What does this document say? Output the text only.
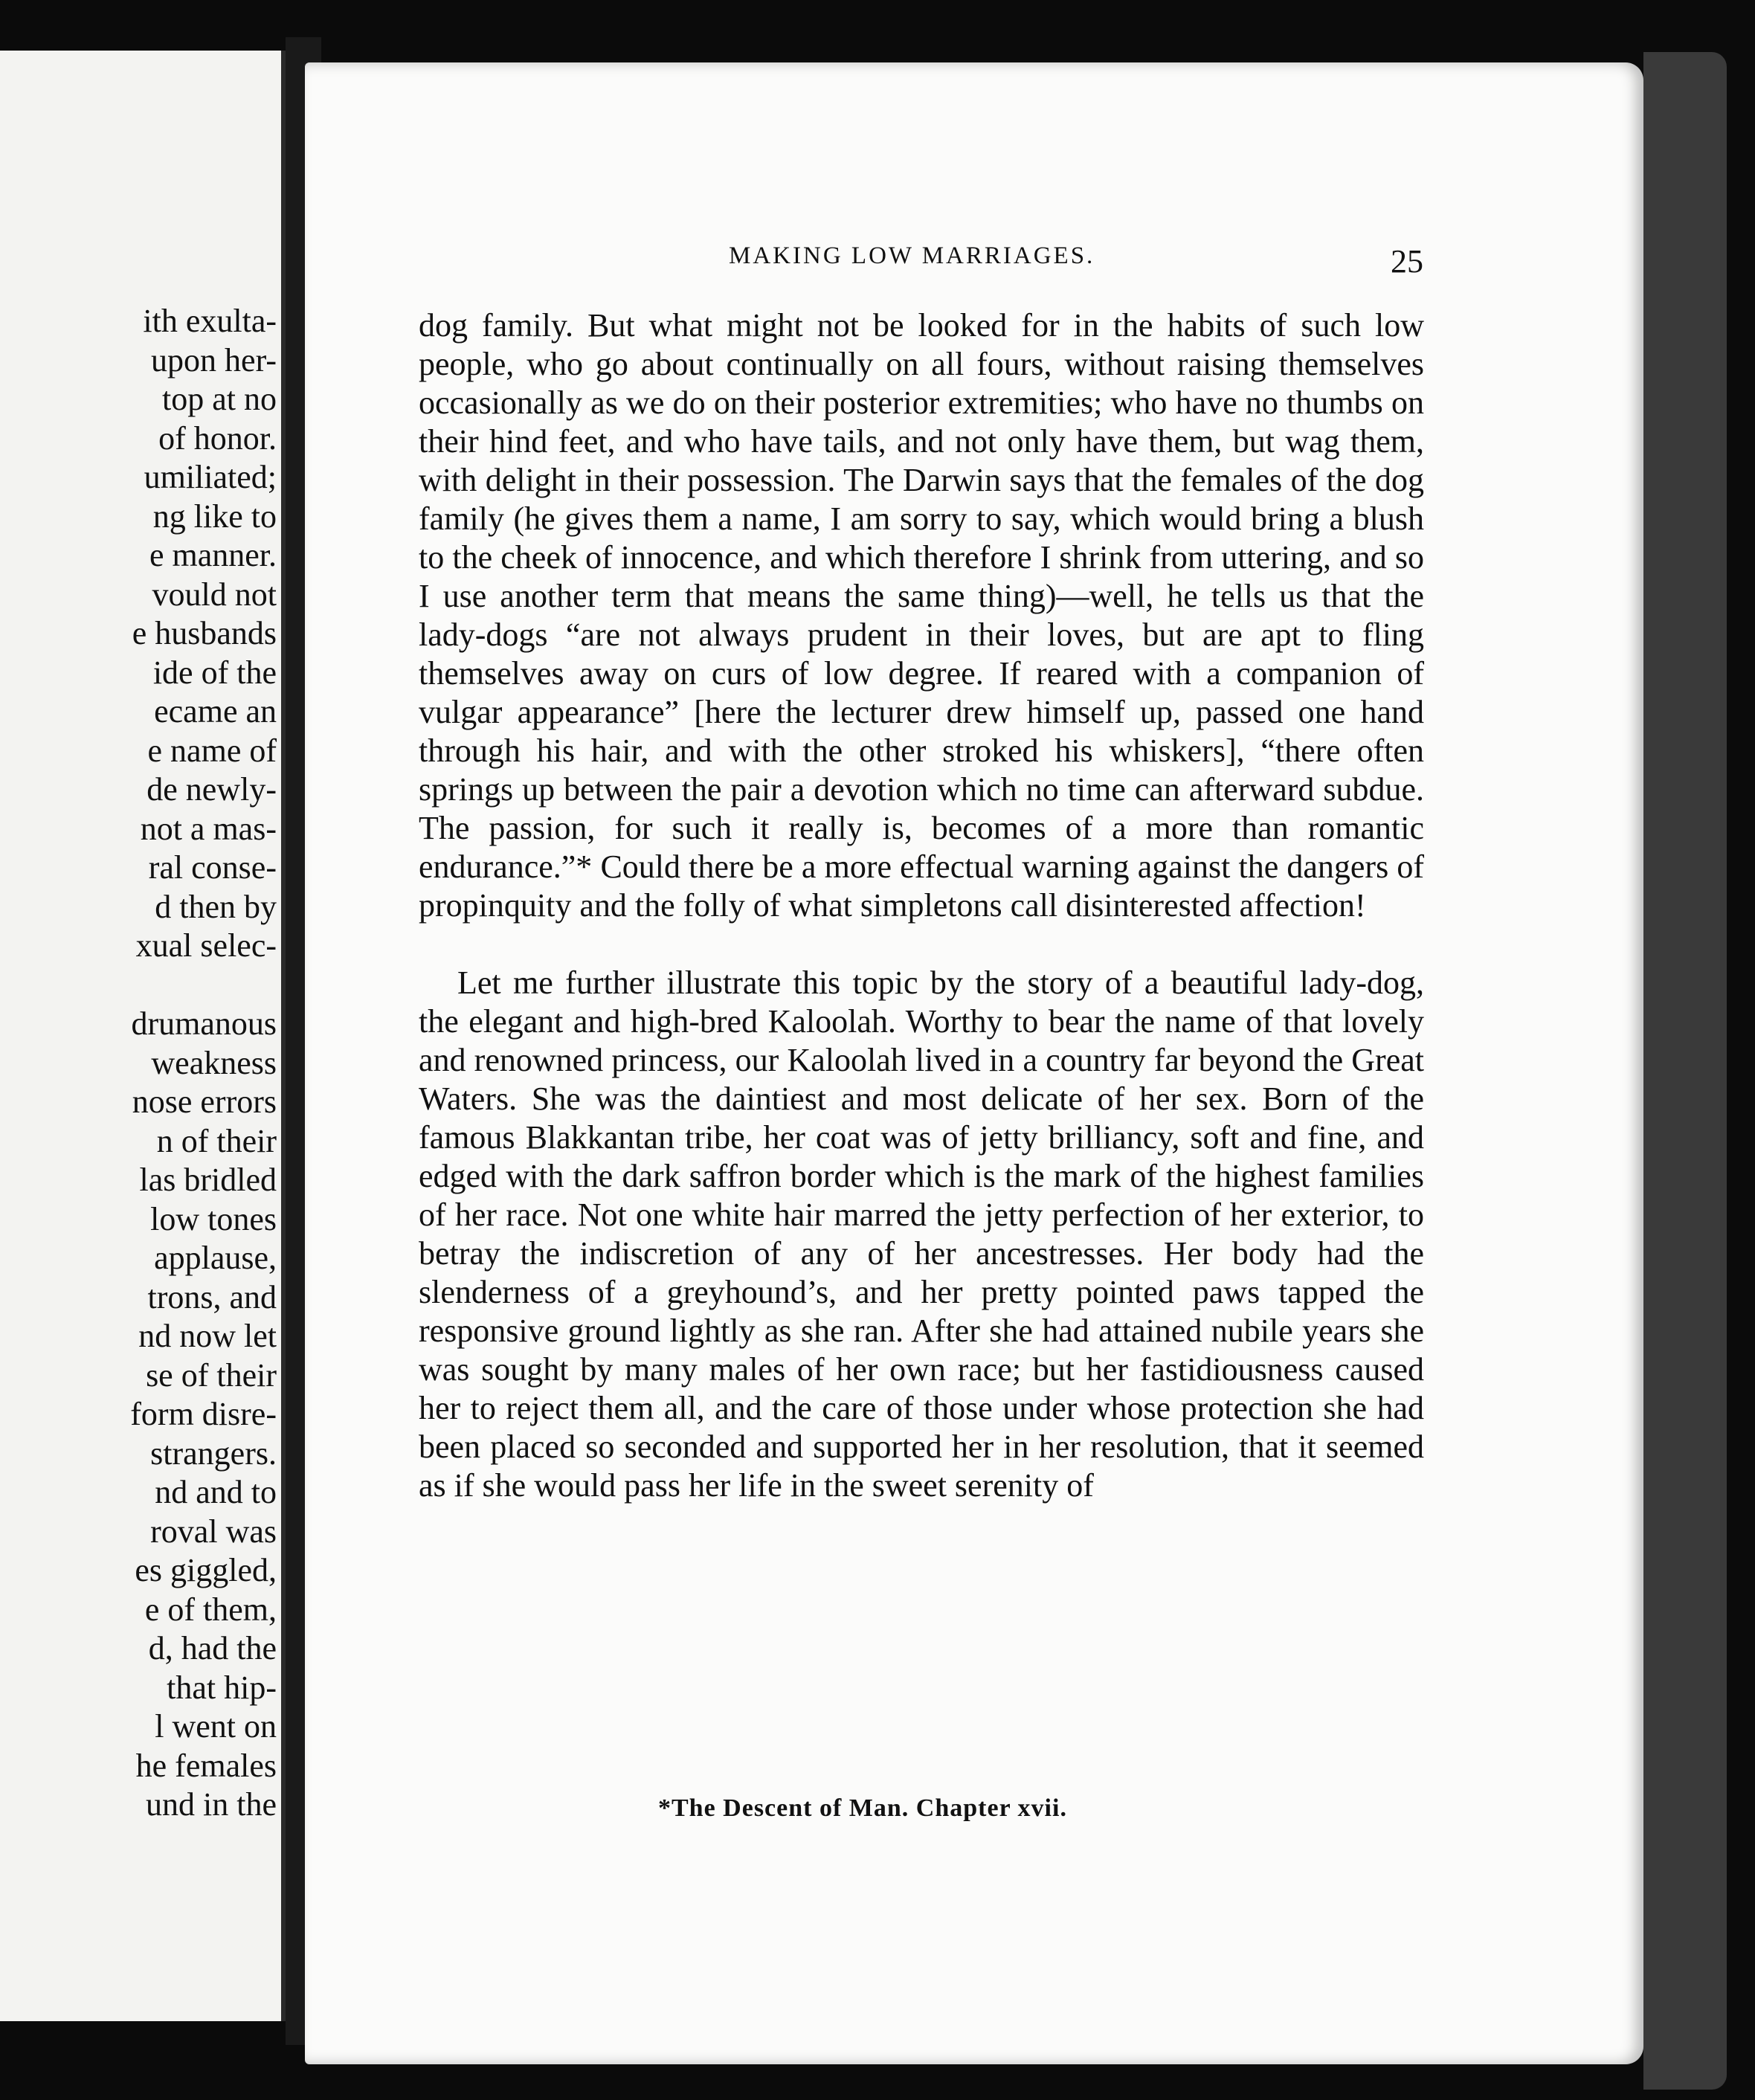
ith exulta-
upon her-
top at no
of honor.
umiliated;
ng like to
e manner.
vould not
e husbands
ide of the
ecame an
e name of
de newly-
not a mas-
ral conse-
d then by
xual selec-
drumanous
weakness
nose errors
n of their
las bridled
low tones
applause,
trons, and
nd now let
se of their
form disre-
strangers.
nd and to
roval was
es giggled,
e of them,
d, had the
that hip-
l went on
he females
und in the
MAKING LOW MARRIAGES.	25

dog family. But what might not be looked for in the habits of such low people, who go about continually on all fours, without raising themselves occasionally as we do on their posterior extremities; who have no thumbs on their hind feet, and who have tails, and not only have them, but wag them, with delight in their possession. The Darwin says that the females of the dog family (he gives them a name, I am sorry to say, which would bring a blush to the cheek of innocence, and which therefore I shrink from uttering, and so I use another term that means the same thing)—well, he tells us that the lady-dogs “are not always prudent in their loves, but are apt to fling themselves away on curs of low degree. If reared with a companion of vulgar appearance” [here the lecturer drew himself up, passed one hand through his hair, and with the other stroked his whiskers], “there often springs up between the pair a devotion which no time can afterward subdue. The passion, for such it really is, becomes of a more than romantic endurance.”* Could there be a more effectual warning against the dangers of propinquity and the folly of what simpletons call disinterested affection!

Let me further illustrate this topic by the story of a beautiful lady-dog, the elegant and high-bred Kaloolah. Worthy to bear the name of that lovely and renowned princess, our Kaloolah lived in a country far beyond the Great Waters. She was the daintiest and most delicate of her sex. Born of the famous Blakkantan tribe, her coat was of jetty brilliancy, soft and fine, and edged with the dark saffron border which is the mark of the highest families of her race. Not one white hair marred the jetty perfection of her exterior, to betray the indiscretion of any of her ancestresses. Her body had the slenderness of a greyhound’s, and her pretty pointed paws tapped the responsive ground lightly as she ran. After she had attained nubile years she was sought by many males of her own race; but her fastidiousness caused her to reject them all, and the care of those under whose protection she had been placed so seconded and supported her in her resolution, that it seemed as if she would pass her life in the sweet serenity of

*The Descent of Man. Chapter xvii.
